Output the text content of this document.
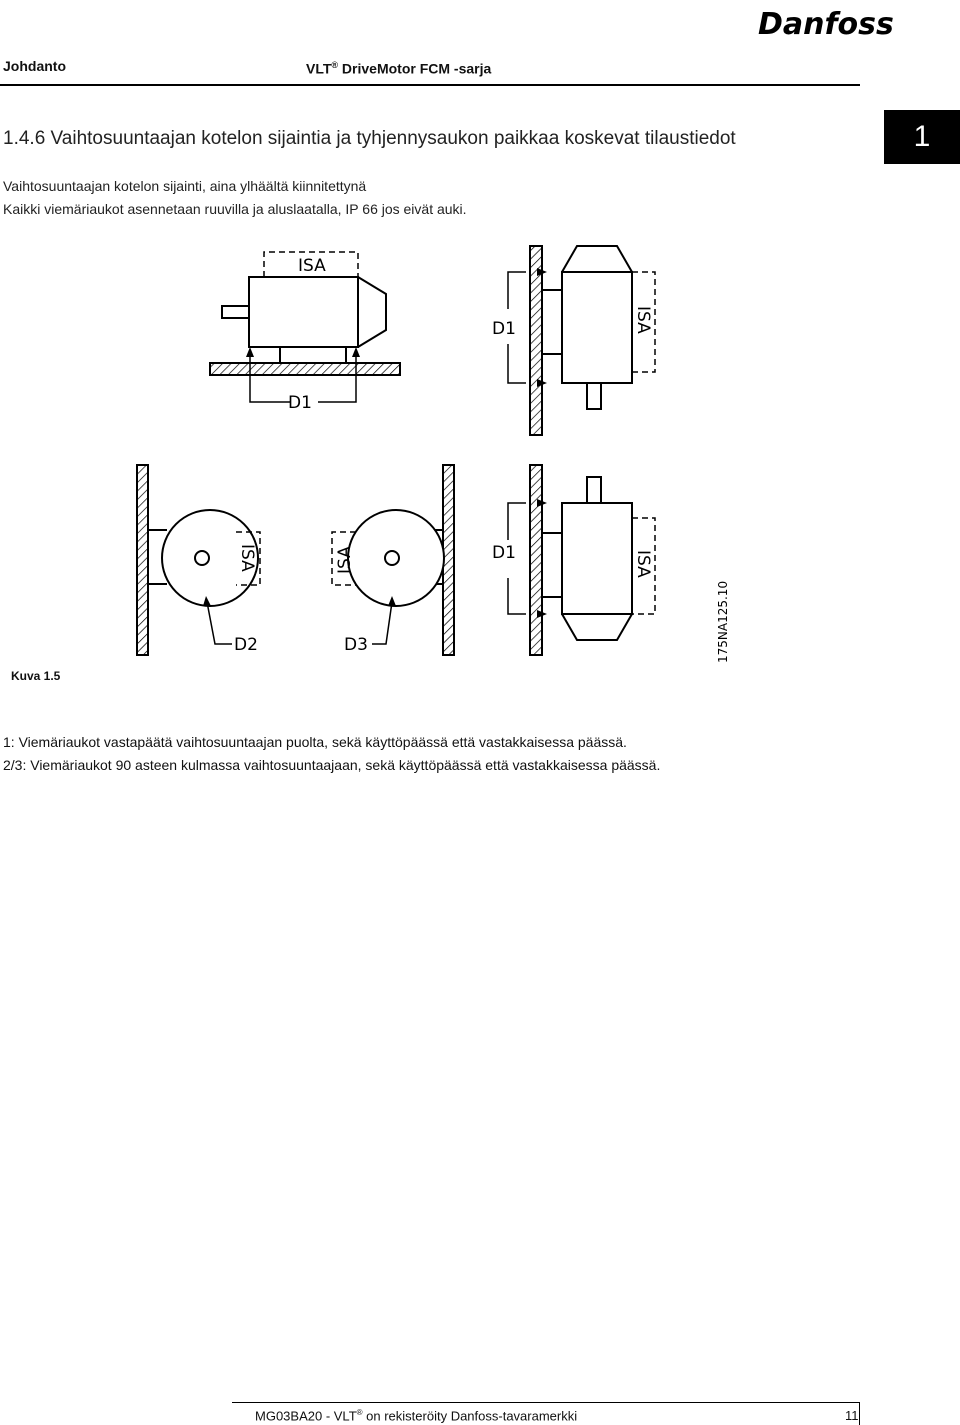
Johdanto	VLT® DriveMotor FCM -sarja
Danfoss
1.4.6 Vaihtosuuntaajan kotelon sijaintia ja tyhjennysaukon paikkaa koskevat tilaustiedot	1
Vaihtosuuntaajan kotelon sijainti, aina ylhäältä kiinnitettynä
Kaikki viemäriaukot asennetaan ruuvilla ja aluslaatalla, IP 66 jos eivät auki.
ISA
D1
D1	ISA
ISA	ISA	D1	ISA
D2	D3
Kuva 1.5
175NA125.10
1: Viemäriaukot vastapäätä vaihtosuuntaajan puolta, sekä käyttöpäässä että vastakkaisessa päässä.
2/3: Viemäriaukot 90 asteen kulmassa vaihtosuuntaajaan, sekä käyttöpäässä että vastakkaisessa päässä.
MG03BA20 - VLT® on rekisteröity Danfoss-tavaramerkki	11
